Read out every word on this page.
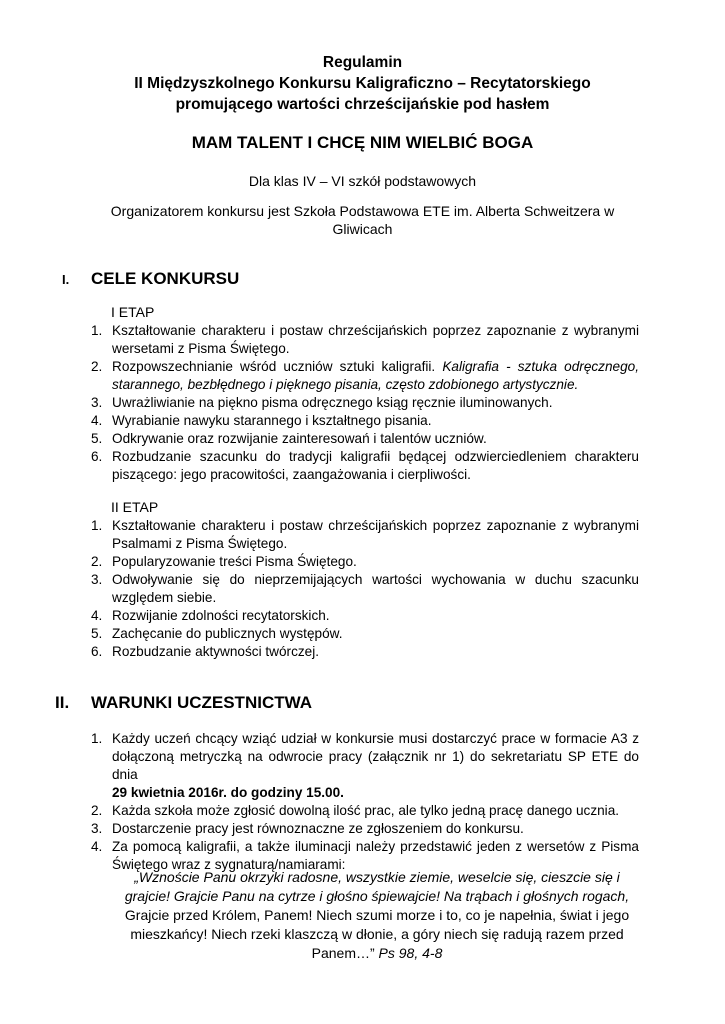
Regulamin
II Międzyszkolnego Konkursu Kaligraficzno – Recytatorskiego
promującego wartości chrześcijańskie pod hasłem
MAM TALENT I CHCĘ NIM WIELBIĆ BOGA
Dla klas IV – VI szkół podstawowych
Organizatorem konkursu jest Szkoła Podstawowa ETE im. Alberta Schweitzera w
Gliwicach
I. CELE KONKURSU
I ETAP
1. Kształtowanie charakteru i postaw chrześcijańskich poprzez zapoznanie z wybranymi wersetami z Pisma Świętego.
2. Rozpowszechnianie wśród uczniów sztuki kaligrafii. Kaligrafia - sztuka odręcznego, starannego, bezbłędnego i pięknego pisania, często zdobionego artystycznie.
3. Uwrażliwianie na piękno pisma odręcznego ksiąg ręcznie iluminowanych.
4. Wyrabianie nawyku starannego i kształtnego pisania.
5. Odkrywanie oraz rozwijanie zainteresowań i talentów uczniów.
6. Rozbudzanie szacunku do tradycji kaligrafii będącej odzwierciedleniem charakteru piszącego: jego pracowitości, zaangażowania i cierpliwości.
II ETAP
1. Kształtowanie charakteru i postaw chrześcijańskich poprzez zapoznanie z wybranymi Psalmami z Pisma Świętego.
2. Popularyzowanie treści Pisma Świętego.
3. Odwoływanie się do nieprzemijających wartości wychowania w duchu szacunku względem siebie.
4. Rozwijanie zdolności recytatorskich.
5. Zachęcanie do publicznych występów.
6. Rozbudzanie aktywności twórczej.
II. WARUNKI UCZESTNICTWA
1. Każdy uczeń chcący wziąć udział w konkursie musi dostarczyć prace w formacie A3 z dołączoną metryczką na odwrocie pracy (załącznik nr 1) do sekretariatu SP ETE do dnia
29 kwietnia 2016r. do godziny 15.00.
2. Każda szkoła może zgłosić dowolną ilość prac, ale tylko jedną pracę danego ucznia.
3. Dostarczenie pracy jest równoznaczne ze zgłoszeniem do konkursu.
4. Za pomocą kaligrafii, a także iluminacji należy przedstawić jeden z wersetów z Pisma Świętego wraz z sygnaturą/namiarami:
„Wznoście Panu okrzyki radosne, wszystkie ziemie, weselcie się, cieszcie się i grajcie! Grajcie Panu na cytrze i głośno śpiewajcie! Na trąbach i głośnych rogach,
Grajcie przed Królem, Panem! Niech szumi morze i to, co je napełnia, świat i jego mieszkańcy! Niech rzeki klaszczą w dłonie, a góry niech się radują razem przed Panem…” Ps 98, 4-8
